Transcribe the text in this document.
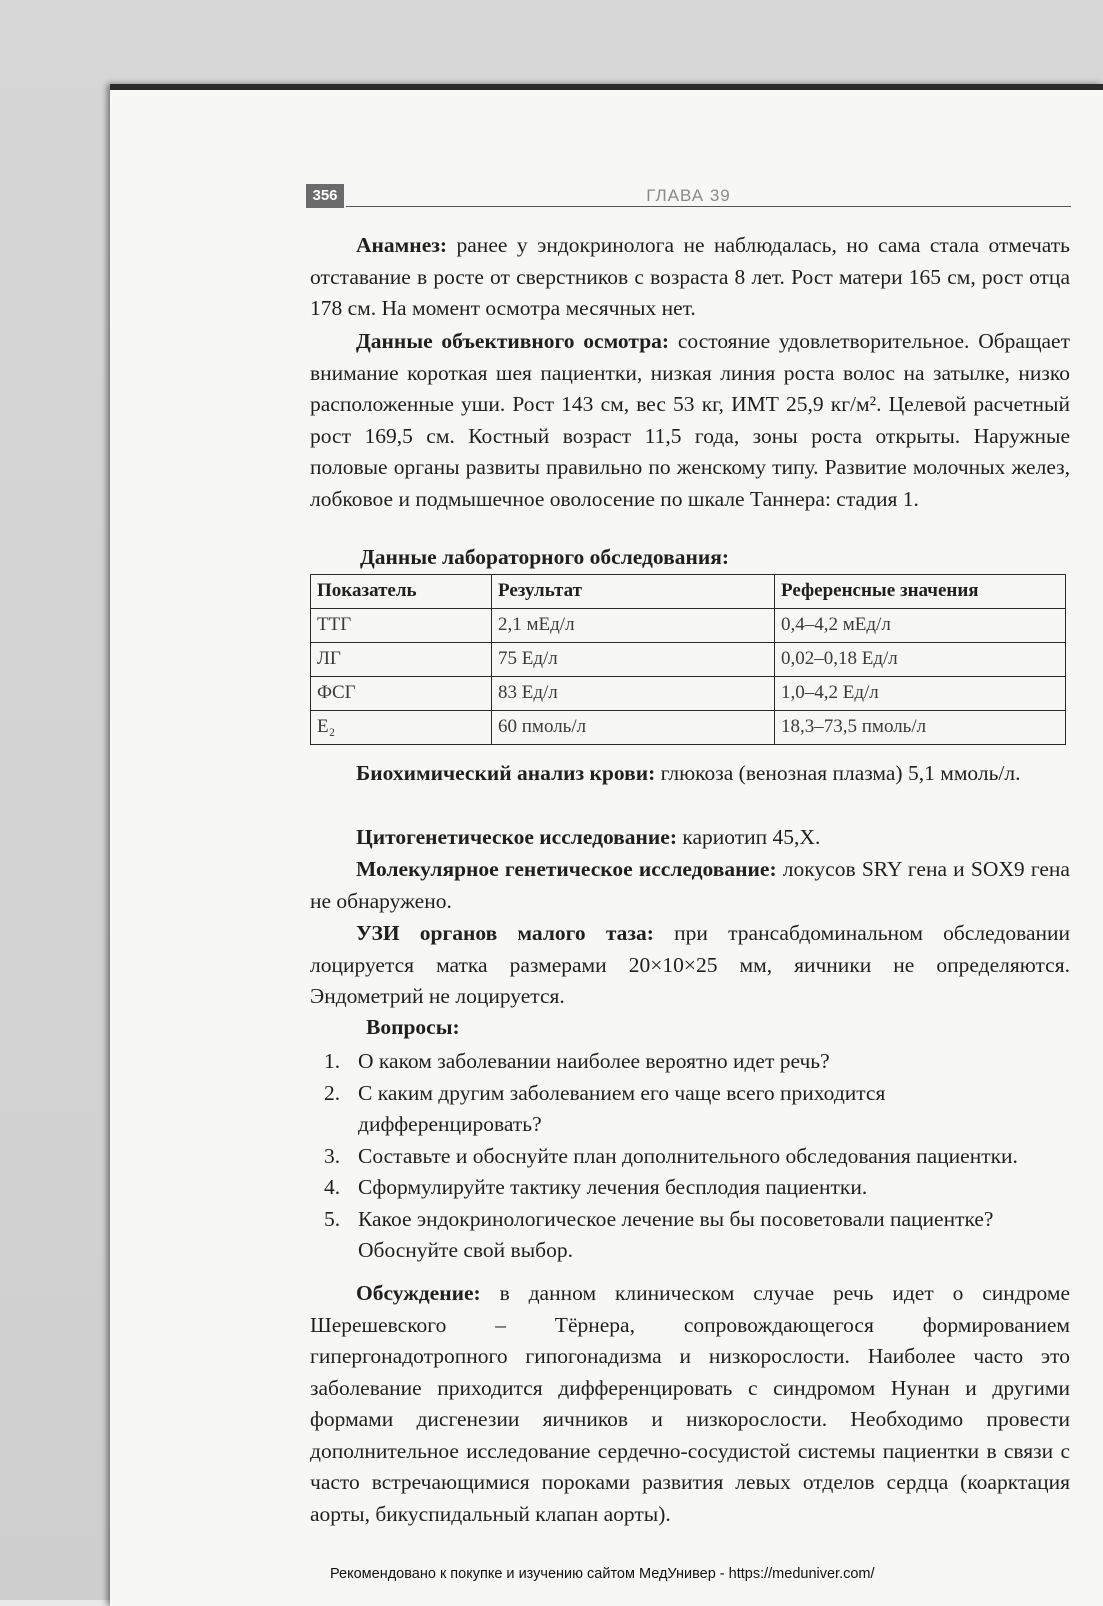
356	ГЛАВА 39

Анамнез: ранее у эндокринолога не наблюдалась, но сама стала отмечать отставание в росте от сверстников с возраста 8 лет. Рост матери 165 см, рост отца 178 см. На момент осмотра месячных нет.

Данные объективного осмотра: состояние удовлетворительное. Обращает внимание короткая шея пациентки, низкая линия роста волос на затылке, низко расположенные уши. Рост 143 см, вес 53 кг, ИМТ 25,9 кг/м². Целевой расчетный рост 169,5 см. Костный возраст 11,5 года, зоны роста открыты. Наружные половые органы развиты правильно по женскому типу. Развитие молочных желез, лобковое и подмышечное оволосение по шкале Таннера: стадия 1.

Данные лабораторного обследования:
Показатель	Результат	Референсные значения
ТТГ	2,1 мЕд/л	0,4–4,2 мЕд/л
ЛГ	75 Ед/л	0,02–0,18 Ед/л
ФСГ	83 Ед/л	1,0–4,2 Ед/л
E₂	60 пмоль/л	18,3–73,5 пмоль/л

Биохимический анализ крови: глюкоза (венозная плазма) 5,1 ммоль/л.

Цитогенетическое исследование: кариотип 45,X.

Молекулярное генетическое исследование: локусов SRY гена и SOX9 гена не обнаружено.

УЗИ органов малого таза: при трансабдоминальном обследовании лоцируется матка размерами 20×10×25 мм, яичники не определяются. Эндометрий не лоцируется.

Вопросы:
1. О каком заболевании наиболее вероятно идет речь?
2. С каким другим заболеванием его чаще всего приходится дифференцировать?
3. Составьте и обоснуйте план дополнительного обследования пациентки.
4. Сформулируйте тактику лечения бесплодия пациентки.
5. Какое эндокринологическое лечение вы бы посоветовали пациентке? Обоснуйте свой выбор.

Обсуждение: в данном клиническом случае речь идет о синдроме Шерешевского – Тёрнера, сопровождающегося формированием гипергонадотропного гипогонадизма и низкорослости. Наиболее часто это заболевание приходится дифференцировать с синдромом Нунан и другими формами дисгенезии яичников и низкорослости. Необходимо провести дополнительное исследование сердечно-сосудистой системы пациентки в связи с часто встречающимися пороками развития левых отделов сердца (коарктация аорты, бикуспидальный клапан аорты).

Рекомендовано к покупке и изучению сайтом МедУнивер - https://meduniver.com/
